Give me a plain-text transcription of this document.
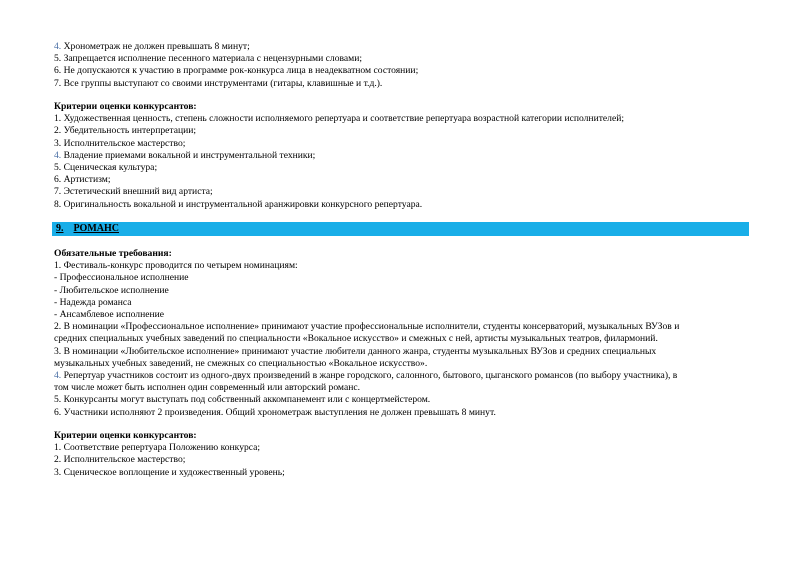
4. Хронометраж не должен превышать 8 минут;
5. Запрещается исполнение песенного материала с нецензурными словами;
6. Не допускаются к участию в программе рок-конкурса лица в неадекватном состоянии;
7. Все группы выступают со своими инструментами (гитары, клавишные и т.д.).
Критерии оценки конкурсантов:
1. Художественная ценность, степень сложности исполняемого репертуара и соответствие репертуара возрастной категории исполнителей;
2. Убедительность интерпретации;
3. Исполнительское мастерство;
4. Владение приемами вокальной и инструментальной техники;
5. Сценическая культура;
6. Артистизм;
7. Эстетический внешний вид артиста;
8. Оригинальность вокальной и инструментальной аранжировки конкурсного репертуара.
9. РОМАНС
Обязательные требования:
1. Фестиваль-конкурс проводится по четырем номинациям:
- Профессиональное исполнение
- Любительское исполнение
- Надежда романса
- Ансамблевое исполнение
2. В номинации «Профессиональное исполнение» принимают участие профессиональные исполнители, студенты консерваторий, музыкальных ВУЗов и
средних специальных учебных заведений по специальности «Вокальное искусство» и смежных с ней, артисты музыкальных театров, филармоний.
3. В номинации «Любительское исполнение» принимают участие любители данного жанра, студенты музыкальных ВУЗов и средних специальных
музыкальных учебных заведений, не смежных со специальностью «Вокальное искусство».
4. Репертуар участников состоит из одного-двух произведений в жанре городского, салонного, бытового, цыганского романсов (по выбору участника), в
том числе может быть исполнен один современный или авторский романс.
5. Конкурсанты могут выступать под собственный аккомпанемент или с концертмейстером.
6. Участники исполняют 2 произведения. Общий хронометраж выступления не должен превышать 8 минут.
Критерии оценки конкурсантов:
1. Соответствие репертуара Положению конкурса;
2. Исполнительское мастерство;
3. Сценическое воплощение и художественный уровень;
